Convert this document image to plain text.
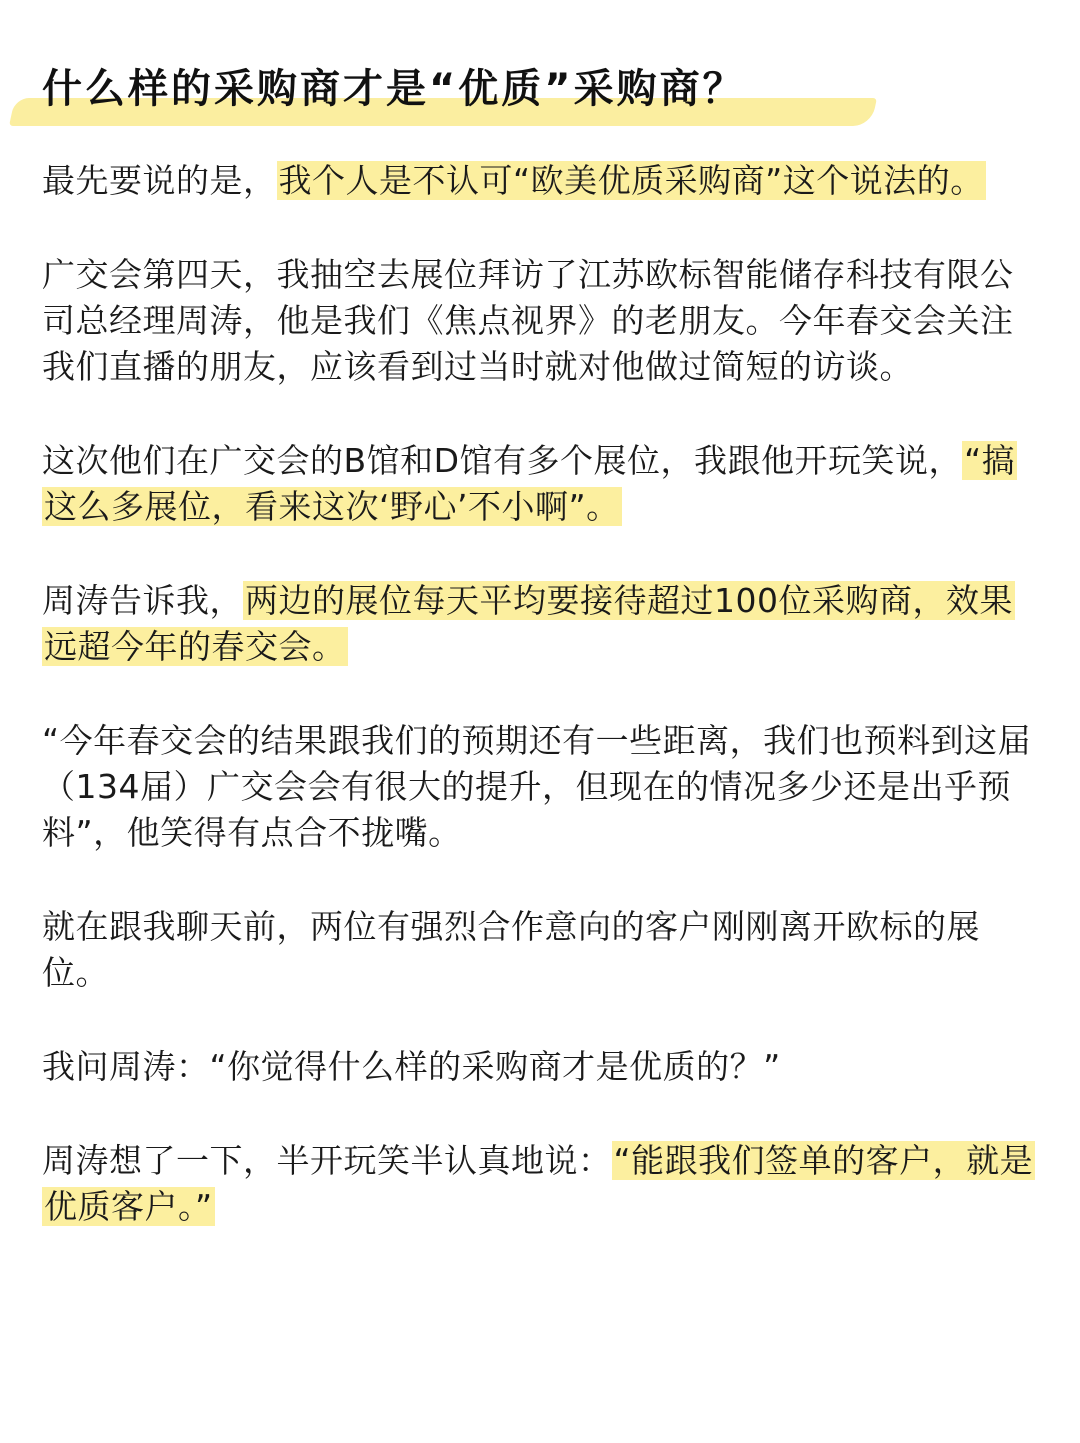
什么样的采购商才是“优质”采购商？

最先要说的是，我个人是不认可“欧美优质采购商”这个说法的。

广交会第四天，我抽空去展位拜访了江苏欧标智能储存科技有限公司总经理周涛，他是我们《焦点视界》的老朋友。今年春交会关注我们直播的朋友，应该看到过当时就对他做过简短的访谈。

这次他们在广交会的B馆和D馆有多个展位，我跟他开玩笑说，“搞这么多展位，看来这次‘野心’不小啊”。

周涛告诉我，两边的展位每天平均要接待超过100位采购商，效果远超今年的春交会。

“今年春交会的结果跟我们的预期还有一些距离，我们也预料到这届（134届）广交会会有很大的提升，但现在的情况多少还是出乎预料”，他笑得有点合不拢嘴。

就在跟我聊天前，两位有强烈合作意向的客户刚刚离开欧标的展位。

我问周涛：“你觉得什么样的采购商才是优质的？”

周涛想了一下，半开玩笑半认真地说：“能跟我们签单的客户，就是优质客户。”
